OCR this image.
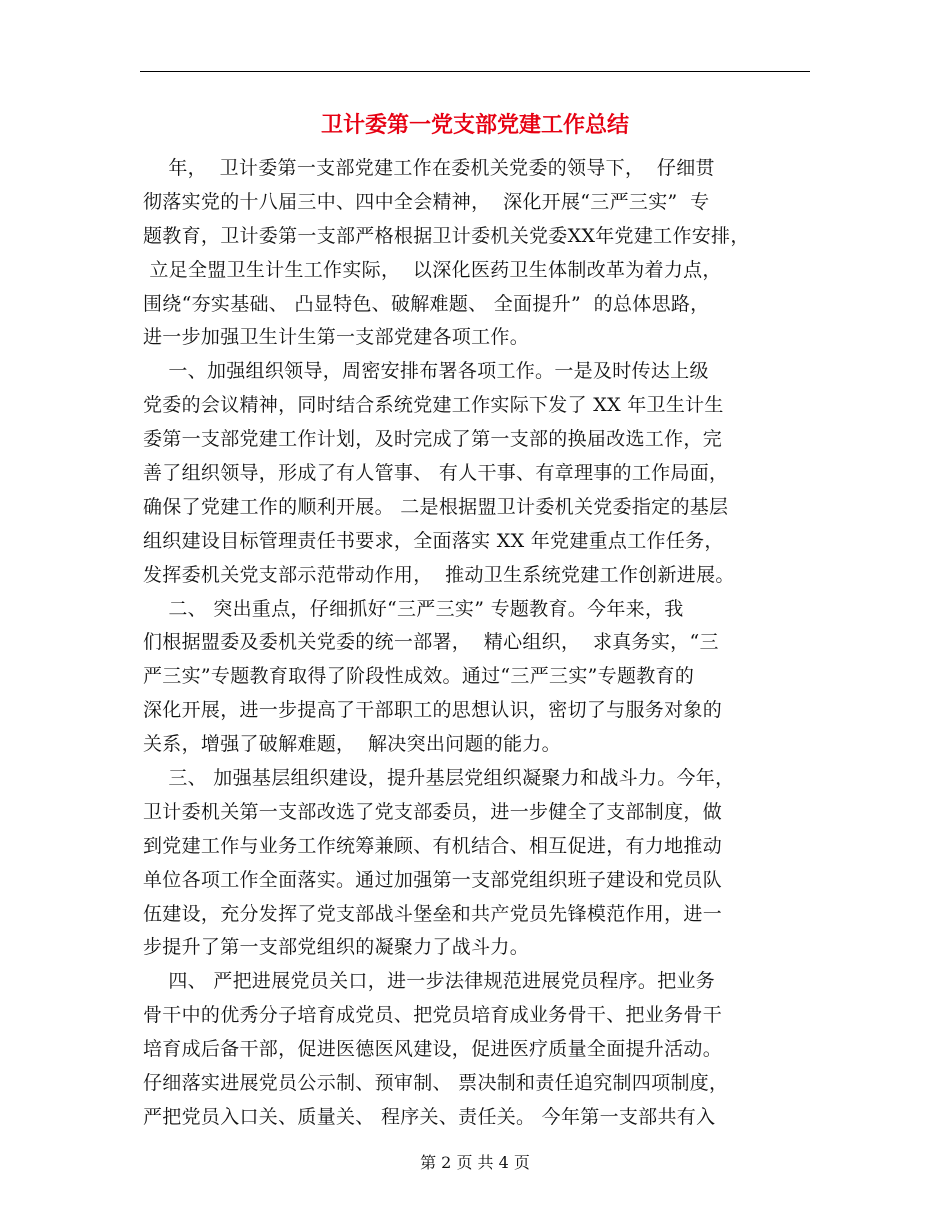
卫计委第一党支部党建工作总结

年，  卫计委第一支部党建工作在委机关党委的领导下，  仔细贯
彻落实党的十八届三中、四中全会精神，  深化开展“三严三实”  专
题教育，卫计委第一支部严格根据卫计委机关党委XX年党建工作安排，
立足全盟卫生计生工作实际，  以深化医药卫生体制改革为着力点，
围绕“夯实基础、 凸显特色、破解难题、 全面提升”  的总体思路，
进一步加强卫生计生第一支部党建各项工作。

一、加强组织领导，周密安排布署各项工作。一是及时传达上级
党委的会议精神，同时结合系统党建工作实际下发了 XX 年卫生计生
委第一支部党建工作计划，及时完成了第一支部的换届改选工作，完
善了组织领导，形成了有人管事、 有人干事、有章理事的工作局面，
确保了党建工作的顺利开展。 二是根据盟卫计委机关党委指定的基层
组织建设目标管理责任书要求，全面落实 XX 年党建重点工作任务，
发挥委机关党支部示范带动作用，  推动卫生系统党建工作创新进展。

二、 突出重点，仔细抓好“三严三实” 专题教育。今年来，我
们根据盟委及委机关党委的统一部署，  精心组织，  求真务实，“三
严三实”专题教育取得了阶段性成效。通过“三严三实”专题教育的
深化开展，进一步提高了干部职工的思想认识，密切了与服务对象的
关系，增强了破解难题，  解决突出问题的能力。

三、 加强基层组织建设，提升基层党组织凝聚力和战斗力。今年，
卫计委机关第一支部改选了党支部委员，进一步健全了支部制度，做
到党建工作与业务工作统筹兼顾、有机结合、相互促进，有力地推动
单位各项工作全面落实。通过加强第一支部党组织班子建设和党员队
伍建设，充分发挥了党支部战斗堡垒和共产党员先锋模范作用，进一
步提升了第一支部党组织的凝聚力了战斗力。

四、 严把进展党员关口，进一步法律规范进展党员程序。把业务
骨干中的优秀分子培育成党员、把党员培育成业务骨干、把业务骨干
培育成后备干部，促进医德医风建设，促进医疗质量全面提升活动。
仔细落实进展党员公示制、预审制、 票决制和责任追究制四项制度，
严把党员入口关、质量关、 程序关、责任关。 今年第一支部共有入

第 2 页 共 4 页
